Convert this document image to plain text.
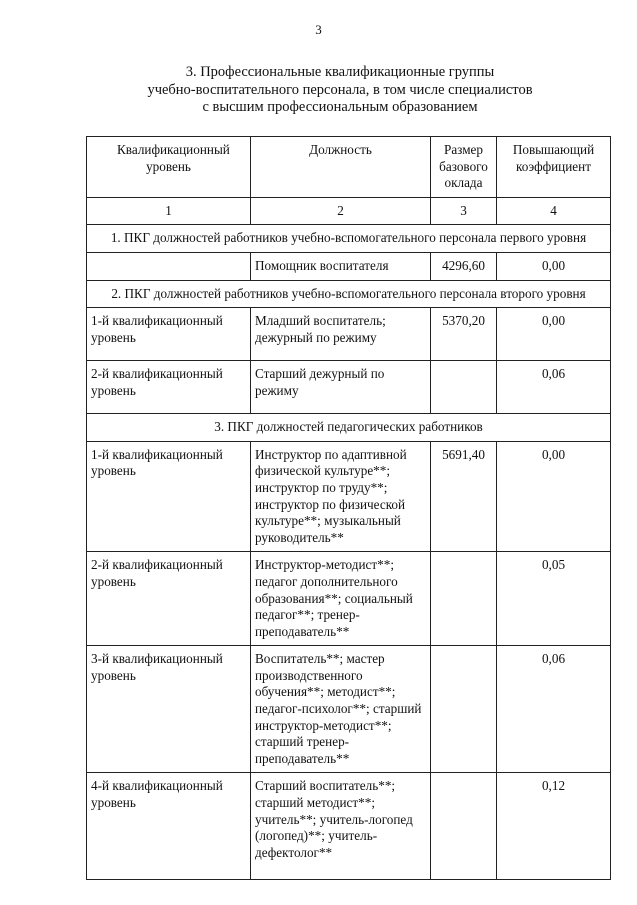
3
3. Профессиональные квалификационные группы
учебно-воспитательного персонала, в том числе специалистов
с высшим профессиональным образованием
Квалификационный уровень	Должность	Размер базового оклада	Повышающий коэффициент
1	2	3	4
1. ПКГ должностей работников учебно-вспомогательного персонала первого уровня			
	Помощник воспитателя	4296,60	0,00
2. ПКГ должностей работников учебно-вспомогательного персонала второго уровня			
1-й квалификационный уровень	Младший воспитатель; дежурный по режиму	5370,20	0,00
2-й квалификационный уровень	Старший дежурный по режиму		0,06
3. ПКГ должностей педагогических работников			
1-й квалификационный уровень	Инструктор по адаптивной физической культуре**; инструктор по труду**; инструктор по физической культуре**; музыкальный руководитель**	5691,40	0,00
2-й квалификационный уровень	Инструктор-методист**; педагог дополнительного образования**; социальный педагог**; тренер-преподаватель**		0,05
3-й квалификационный уровень	Воспитатель**; мастер производственного обучения**; методист**; педагог-психолог**; старший инструктор-методист**; старший тренер-преподаватель**		0,06
4-й квалификационный уровень	Старший воспитатель**; старший методист**; учитель**; учитель-логопед (логопед)**; учитель-дефектолог**		0,12
